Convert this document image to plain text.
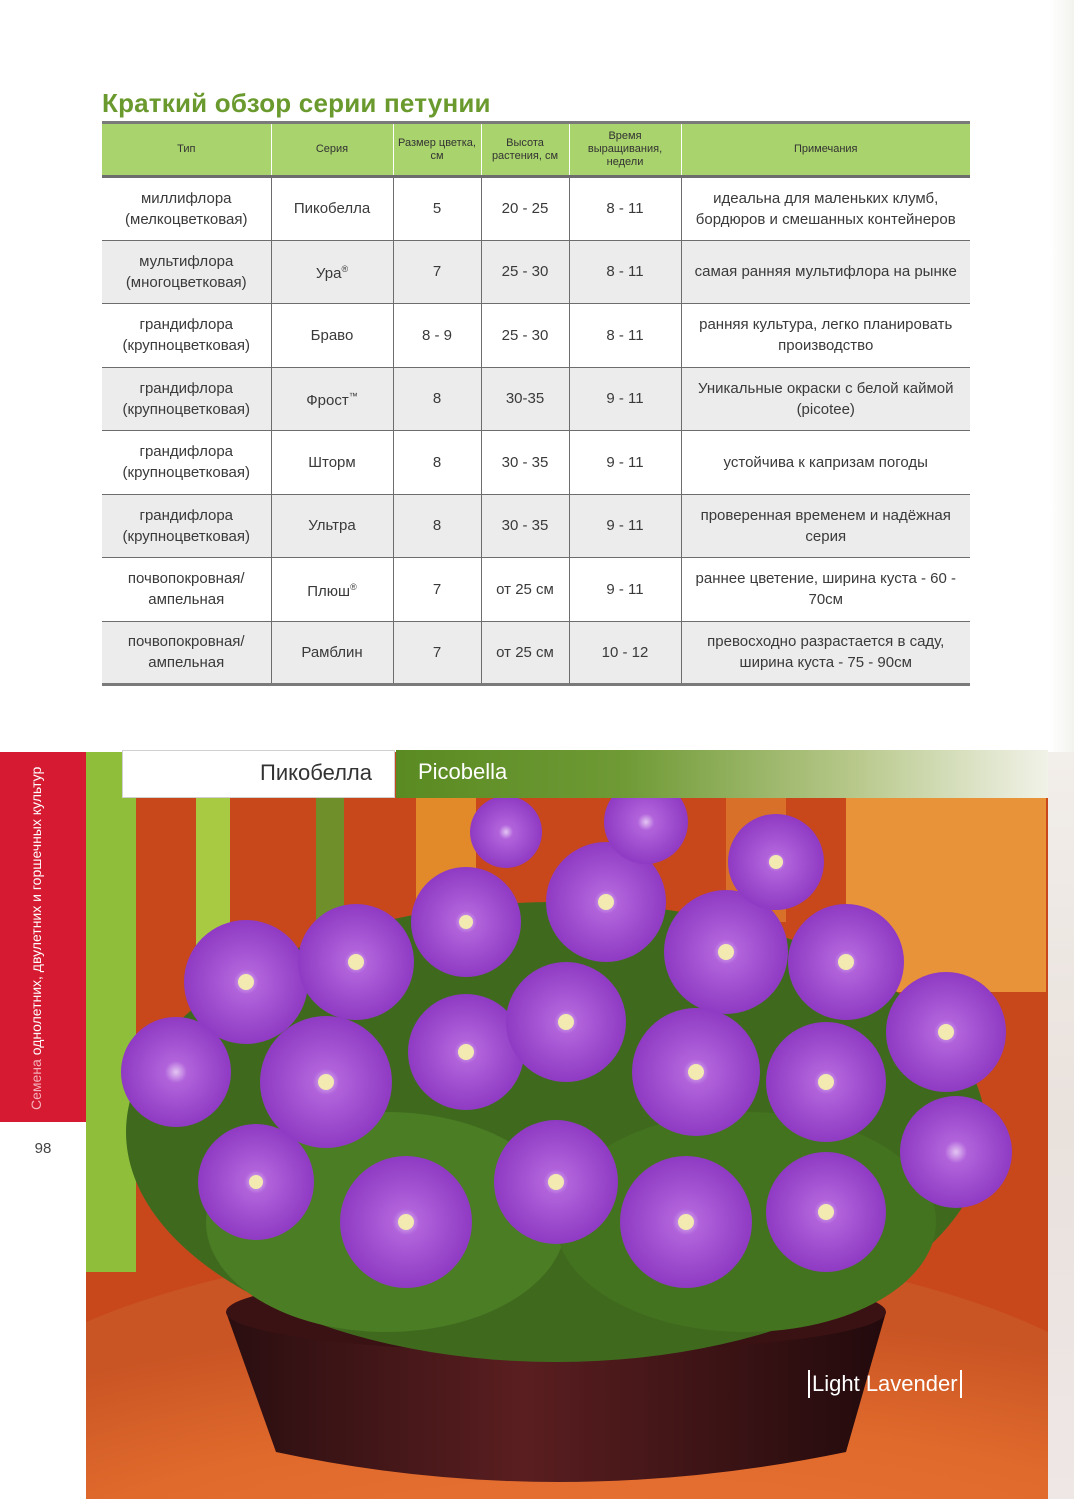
Краткий обзор серии петунии
Тип	Серия	Размер цветка, см	Высота растения, см	Время выращивания, недели	Примечания
миллифлора (мелкоцветковая)	Пикобелла	5	20 - 25	8 - 11	идеальна для маленьких клумб, бордюров и смешанных контейнеров
мультифлора (многоцветковая)	Ура®	7	25 - 30	8 - 11	самая ранняя мультифлора на рынке
грандифлора (крупноцветковая)	Браво	8 - 9	25 - 30	8 - 11	ранняя культура, легко планировать производство
грандифлора (крупноцветковая)	Фрост™	8	30-35	9 - 11	Уникальные окраски с белой каймой (picotee)
грандифлора (крупноцветковая)	Шторм	8	30 - 35	9 - 11	устойчива к капризам погоды
грандифлора (крупноцветковая)	Ультра	8	30 - 35	9 - 11	проверенная временем и надёжная серия
почвопокровная/ ампельная	Плюш®	7	от 25 см	9 - 11	раннее цветение, ширина куста - 60 - 70см
почвопокровная/ ампельная	Рамблин	7	от 25 см	10 - 12	превосходно разрастается в саду, ширина куста - 75 - 90см
Семена однолетних, двулетних и горшечных культур
98
Пикобелла Picobella
Light Lavender
